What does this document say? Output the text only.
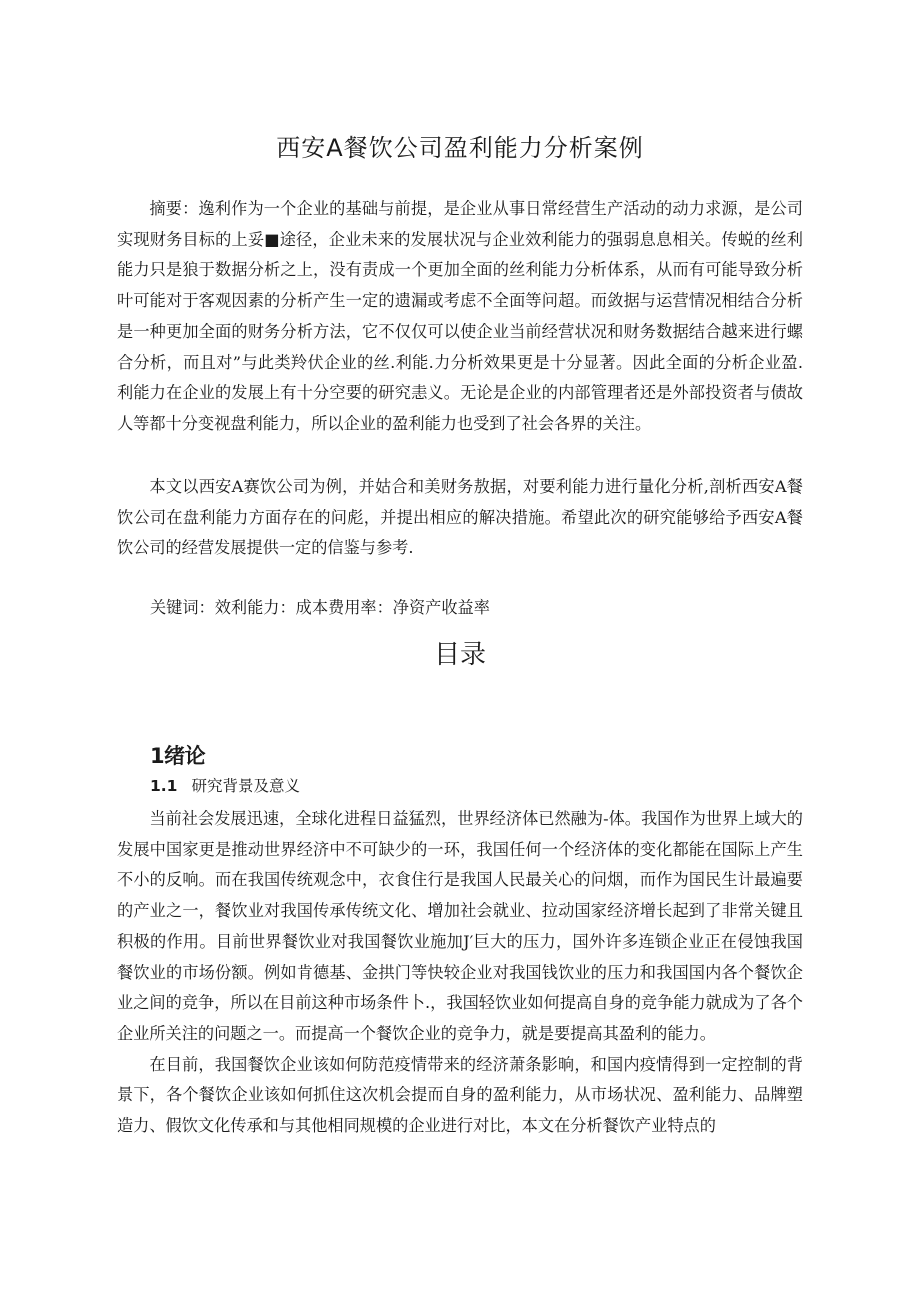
西安A餐饮公司盈利能力分析案例

摘要：逸利作为一个企业的基础与前提，是企业从事日常经营生产活动的动力求源，是公司实现财务目标的上妥■途径，企业未来的发展状况与企业效利能力的强弱息息相关。传蜕的丝利能力只是狼于数据分析之上，没有责成一个更加全面的丝利能力分析体系，从而有可能导致分析叶可能对于客观因素的分析产生一定的遗漏或考虑不全面等问超。而敛据与运营情况相结合分析是一种更加全面的财务分析方法，它不仅仅可以使企业当前经营状况和财务数据结合越来进行螺合分析，而且对”与此类羚伏企业的丝.利能.力分析效果更是十分显著。因此全面的分析企业盈.利能力在企业的发展上有十分空要的研究恚义。无论是企业的内部管理者还是外部投资者与债故人等都十分变视盘利能力，所以企业的盈利能力也受到了社会各界的关注。

本文以西安A赛饮公司为例，并姑合和美财务敖据，对要利能力进行量化分析,剖析西安A餐饮公司在盘利能力方面存在的问彪，并提出相应的解决措施。希望此次的研究能够给予西安A餐饮公司的经营发展提供一定的信鉴与参考.

关键词：效利能力：成本费用率：净资产收益率
目录
1绪论
1.1 研究背景及意义

当前社会发展迅速，全球化进程日益猛烈，世界经济体已然融为-体。我国作为世界上域大的发展中国家更是推动世界经济中不可缺少的一环，我国任何一个经济体的变化都能在国际上产生不小的反响。而在我国传统观念中，衣食住行是我国人民最关心的问烟，而作为国民生计最遍要的产业之一，餐饮业对我国传承传统文化、增加社会就业、拉动国家经济增长起到了非常关键且积极的作用。目前世界餐饮业对我国餐饮业施加J′巨大的压力，国外许多连锁企业正在侵蚀我国餐饮业的市场份额。例如肯德基、金拱门等快较企业对我国钱饮业的压力和我国国内各个餐饮企业之间的竞争，所以在目前这种市场条件卜.，我国轻饮业如何提高自身的竞争能力就成为了各个企业所关注的问题之一。而提高一个餐饮企业的竞争力，就是要提高其盈利的能力。

在目前，我国餐饮企业该如何防范疫情带来的经济萧条影晌，和国内疫情得到一定控制的背景下，各个餐饮企业该如何抓住这次机会提而自身的盈利能力，从市场状况、盈利能力、品牌塑造力、假饮文化传承和与其他相同规模的企业进行对比，本文在分析餐饮产业特点的
